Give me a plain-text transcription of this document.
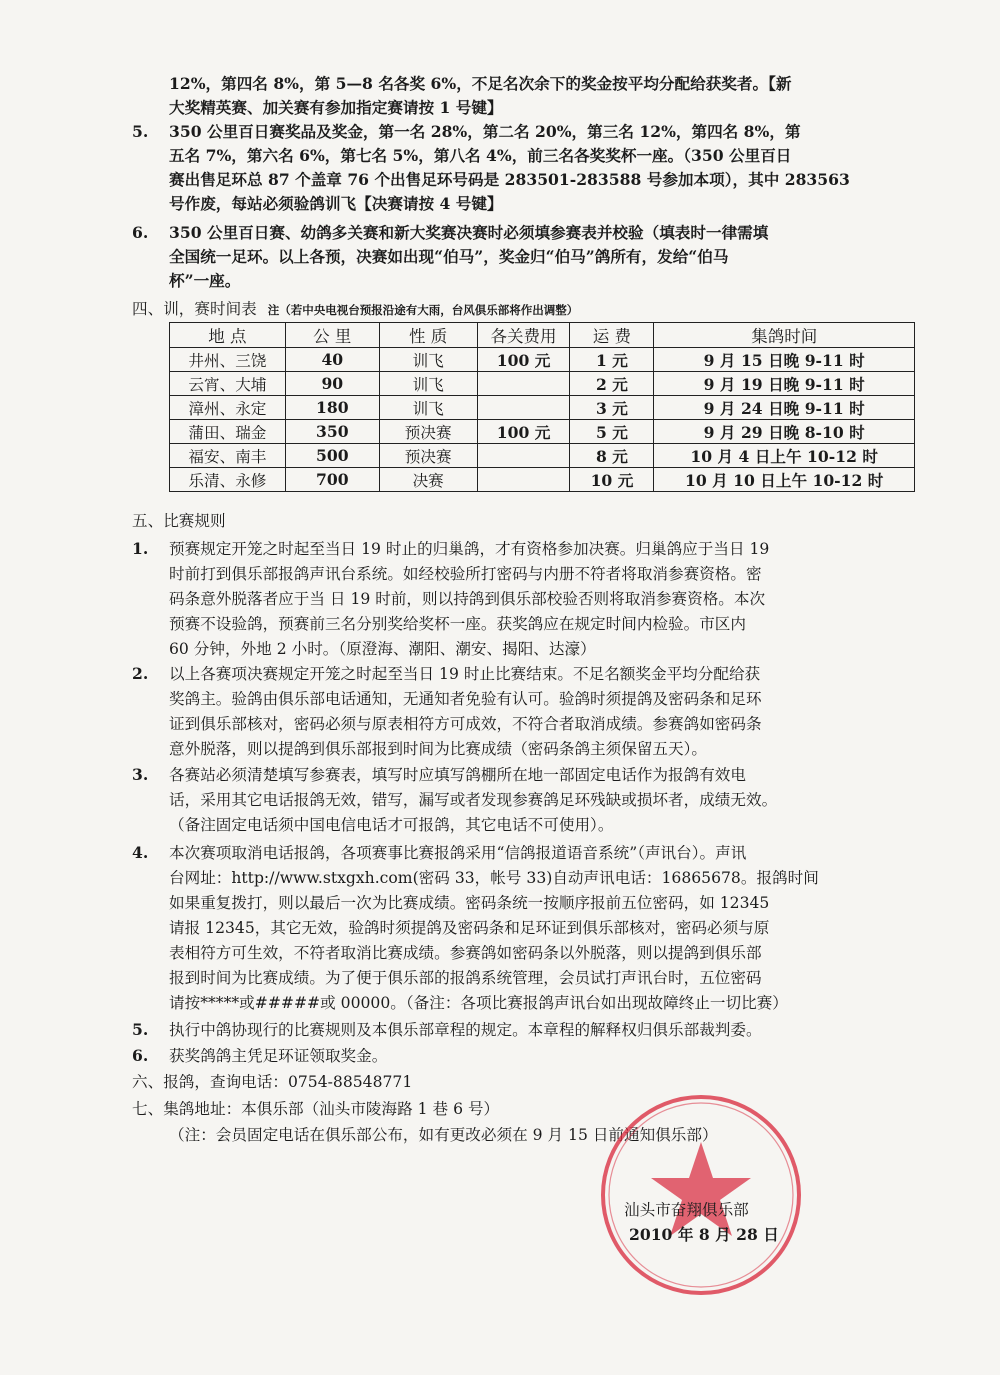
12%，第四名 8%，第 5—8 名各奖 6%，不足名次余下的奖金按平均分配给获奖者。【新
大奖精英赛、加关赛有参加指定赛请按 1 号键】
5. 350 公里百日赛奖品及奖金，第一名 28%，第二名 20%，第三名 12%，第四名 8%，第
五名 7%，第六名 6%，第七名 5%，第八名 4%，前三名各奖奖杯一座。（350 公里百日
赛出售足环总 87 个盖章 76 个出售足环号码是 283501-283588 号参加本项），其中 283563
号作废，每站必须验鸽训飞【决赛请按 4 号键】
6. 350 公里百日赛、幼鸽多关赛和新大奖赛决赛时必须填参赛表并校验（填表时一律需填
全国统一足环。以上各预，决赛如出现“伯马”，奖金归“伯马”鸽所有，发给“伯马
杯”一座。
四、训，赛时间表 注（若中央电视台预报沿途有大雨，台风俱乐部将作出调整）
地 点	公 里	性 质	各关费用	运 费	集鸽时间
井州、三饶	40	训飞	100 元	1 元	9 月 15 日晚 9-11 时
云宵、大埔	90	训飞		2 元	9 月 19 日晚 9-11 时
漳州、永定	180	训飞		3 元	9 月 24 日晚 9-11 时
蒲田、瑞金	350	预决赛	100 元	5 元	9 月 29 日晚 8-10 时
福安、南丰	500	预决赛		8 元	10 月 4 日上午 10-12 时
乐清、永修	700	决赛		10 元	10 月 10 日上午 10-12 时
五、比赛规则
1. 预赛规定开笼之时起至当日 19 时止的归巢鸽，才有资格参加决赛。归巢鸽应于当日 19
时前打到俱乐部报鸽声讯台系统。如经校验所打密码与内册不符者将取消参赛资格。密
码条意外脱落者应于当 日 19 时前，则以持鸽到俱乐部校验否则将取消参赛资格。本次
预赛不设验鸽，预赛前三名分别奖给奖杯一座。获奖鸽应在规定时间内检验。市区内
60 分钟，外地 2 小时。（原澄海、潮阳、潮安、揭阳、达濠）
2. 以上各赛项决赛规定开笼之时起至当日 19 时止比赛结束。不足名额奖金平均分配给获
奖鸽主。验鸽由俱乐部电话通知，无通知者免验有认可。验鸽时须提鸽及密码条和足环
证到俱乐部核对，密码必须与原表相符方可成效，不符合者取消成绩。参赛鸽如密码条
意外脱落，则以提鸽到俱乐部报到时间为比赛成绩（密码条鸽主须保留五天）。
3. 各赛站必须清楚填写参赛表，填写时应填写鸽棚所在地一部固定电话作为报鸽有效电
话，采用其它电话报鸽无效，错写，漏写或者发现参赛鸽足环残缺或损坏者，成绩无效。
（备注固定电话须中国电信电话才可报鸽，其它电话不可使用）。
4. 本次赛项取消电话报鸽，各项赛事比赛报鸽采用“信鸽报道语音系统”（声讯台）。声讯
台网址：http://www.stxgxh.com(密码 33，帐号 33)自动声讯电话：16865678。报鸽时间
如果重复拨打，则以最后一次为比赛成绩。密码条统一按顺序报前五位密码，如 12345
请报 12345，其它无效，验鸽时须提鸽及密码条和足环证到俱乐部核对，密码必须与原
表相符方可生效，不符者取消比赛成绩。参赛鸽如密码条以外脱落，则以提鸽到俱乐部
报到时间为比赛成绩。为了便于俱乐部的报鸽系统管理，会员试打声讯台时，五位密码
请按*****或#####或 00000。（备注：各项比赛报鸽声讯台如出现故障终止一切比赛）
5. 执行中鸽协现行的比赛规则及本俱乐部章程的规定。本章程的解释权归俱乐部裁判委。
6. 获奖鸽鸽主凭足环证领取奖金。
六、报鸽，查询电话：0754-88548771
七、集鸽地址：本俱乐部（汕头市陵海路 1 巷 6 号）
（注：会员固定电话在俱乐部公布，如有更改必须在 9 月 15 日前通知俱乐部）
汕头市奋翔俱乐部
2010 年 8 月 28 日
